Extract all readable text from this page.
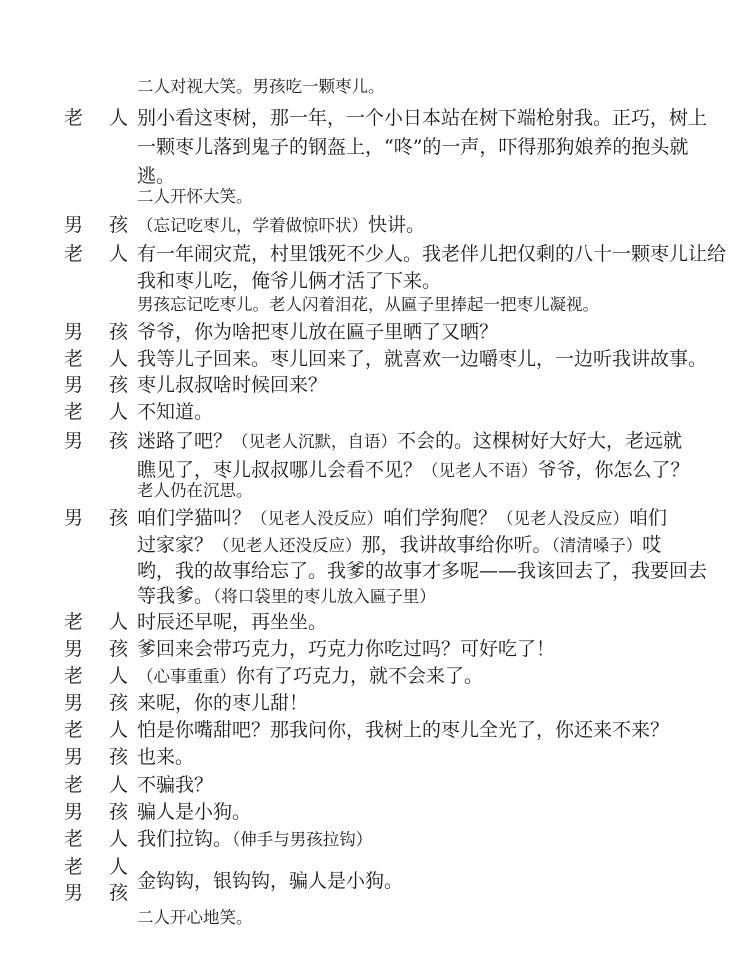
二人对视大笑。男孩吃一颗枣儿。
老 人 别小看这枣树，那一年，一个小日本站在树下端枪射我。正巧，树上
一颗枣儿落到鬼子的钢盔上，“咚”的一声，吓得那狗娘养的抱头就
逃。
二人开怀大笑。
男 孩 （忘记吃枣儿，学着做惊吓状）快讲。
老 人 有一年闹灾荒，村里饿死不少人。我老伴儿把仅剩的八十一颗枣儿让给
我和枣儿吃，俺爷儿俩才活了下来。
男孩忘记吃枣儿。老人闪着泪花，从匾子里捧起一把枣儿凝视。
男 孩 爷爷，你为啥把枣儿放在匾子里晒了又晒？
老 人 我等儿子回来。枣儿回来了，就喜欢一边嚼枣儿，一边听我讲故事。
男 孩 枣儿叔叔啥时候回来？
老 人 不知道。
男 孩 迷路了吧？（见老人沉默，自语）不会的。这棵树好大好大，老远就
瞧见了，枣儿叔叔哪儿会看不见？（见老人不语）爷爷，你怎么了？
老人仍在沉思。
男 孩 咱们学猫叫？（见老人没反应）咱们学狗爬？（见老人没反应）咱们
过家家？（见老人还没反应）那，我讲故事给你听。（清清嗓子）哎
哟，我的故事给忘了。我爹的故事才多呢——我该回去了，我要回去
等我爹。（将口袋里的枣儿放入匾子里）
老 人 时辰还早呢，再坐坐。
男 孩 爹回来会带巧克力，巧克力你吃过吗？可好吃了！
老 人 （心事重重）你有了巧克力，就不会来了。
男 孩 来呢，你的枣儿甜！
老 人 怕是你嘴甜吧？那我问你，我树上的枣儿全光了，你还来不来？
男 孩 也来。
老 人 不骗我？
男 孩 骗人是小狗。
老 人 我们拉钩。（伸手与男孩拉钩）
老 人
金钩钩，银钩钩，骗人是小狗。
男 孩
二人开心地笑。
